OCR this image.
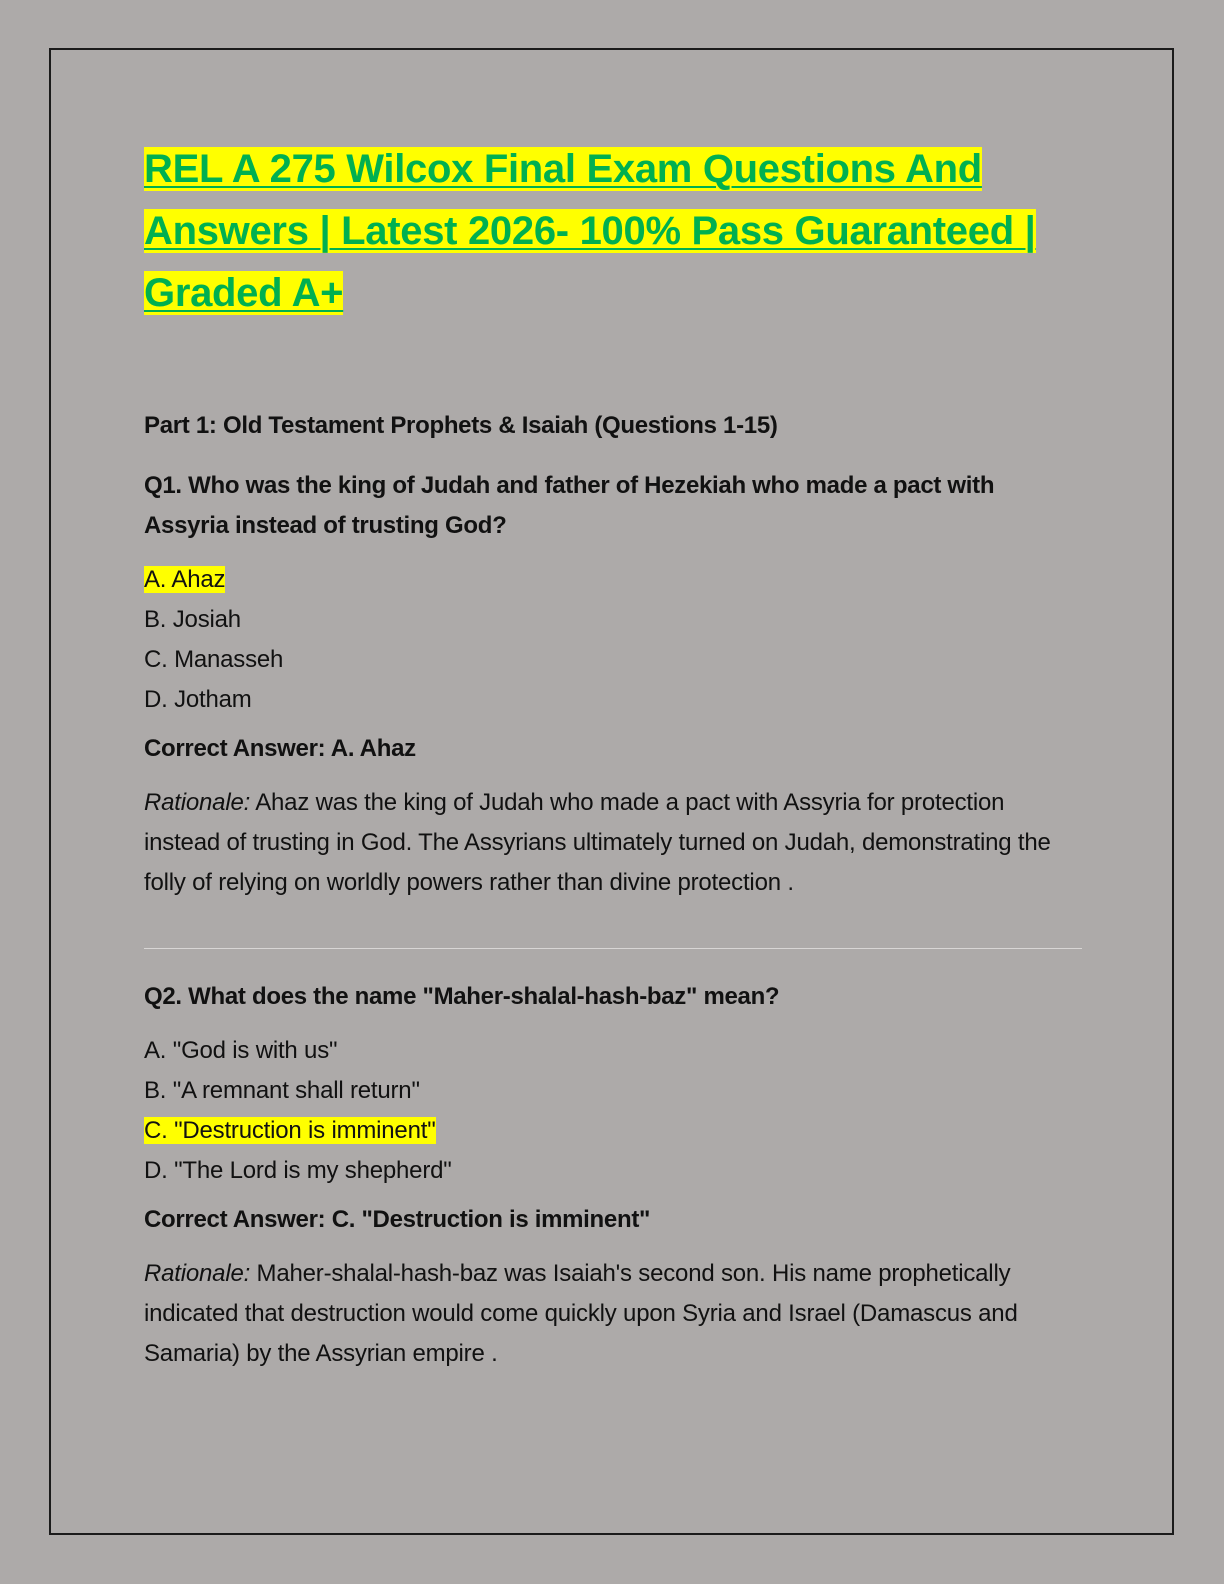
REL A 275 Wilcox Final Exam Questions And Answers | Latest 2026- 100% Pass Guaranteed | Graded A+
Part 1: Old Testament Prophets & Isaiah (Questions 1-15)
Q1. Who was the king of Judah and father of Hezekiah who made a pact with Assyria instead of trusting God?
A. Ahaz
B. Josiah
C. Manasseh
D. Jotham
Correct Answer: A. Ahaz

Rationale: Ahaz was the king of Judah who made a pact with Assyria for protection instead of trusting in God. The Assyrians ultimately turned on Judah, demonstrating the folly of relying on worldly powers rather than divine protection .

Q2. What does the name "Maher-shalal-hash-baz" mean?
A. "God is with us"
B. "A remnant shall return"
C. "Destruction is imminent"
D. "The Lord is my shepherd"
Correct Answer: C. "Destruction is imminent"

Rationale: Maher-shalal-hash-baz was Isaiah's second son. His name prophetically indicated that destruction would come quickly upon Syria and Israel (Damascus and Samaria) by the Assyrian empire .
